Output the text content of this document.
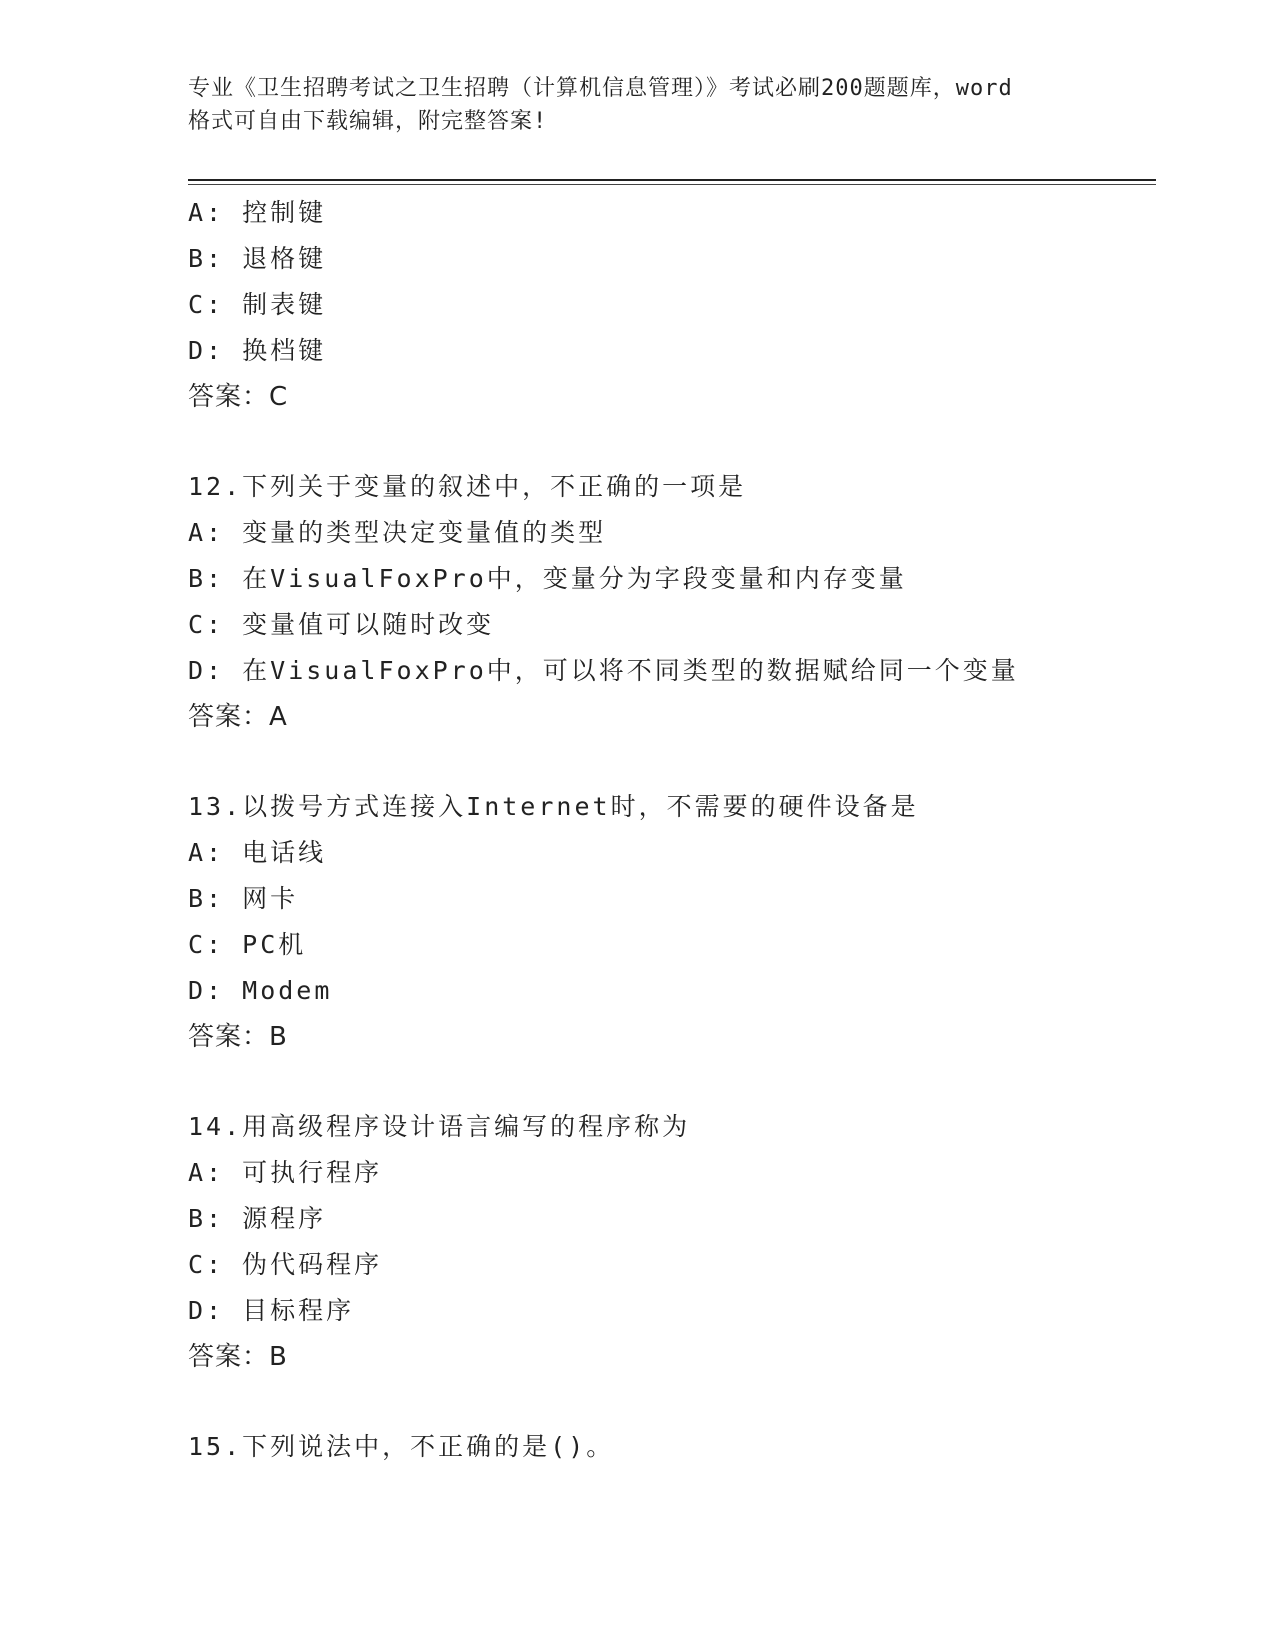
专业《卫生招聘考试之卫生招聘（计算机信息管理）》考试必刷200题题库，word
格式可自由下载编辑，附完整答案!
A: 控制键
B: 退格键
C: 制表键
D: 换档键
答案：C
12.下列关于变量的叙述中，不正确的一项是
A: 变量的类型决定变量值的类型
B: 在VisualFoxPro中，变量分为字段变量和内存变量
C: 变量值可以随时改变
D: 在VisualFoxPro中，可以将不同类型的数据赋给同一个变量
答案：A
13.以拨号方式连接入Internet时，不需要的硬件设备是
A: 电话线
B: 网卡
C: PC机
D: Modem
答案：B
14.用高级程序设计语言编写的程序称为
A: 可执行程序
B: 源程序
C: 伪代码程序
D: 目标程序
答案：B
15.下列说法中，不正确的是()。
